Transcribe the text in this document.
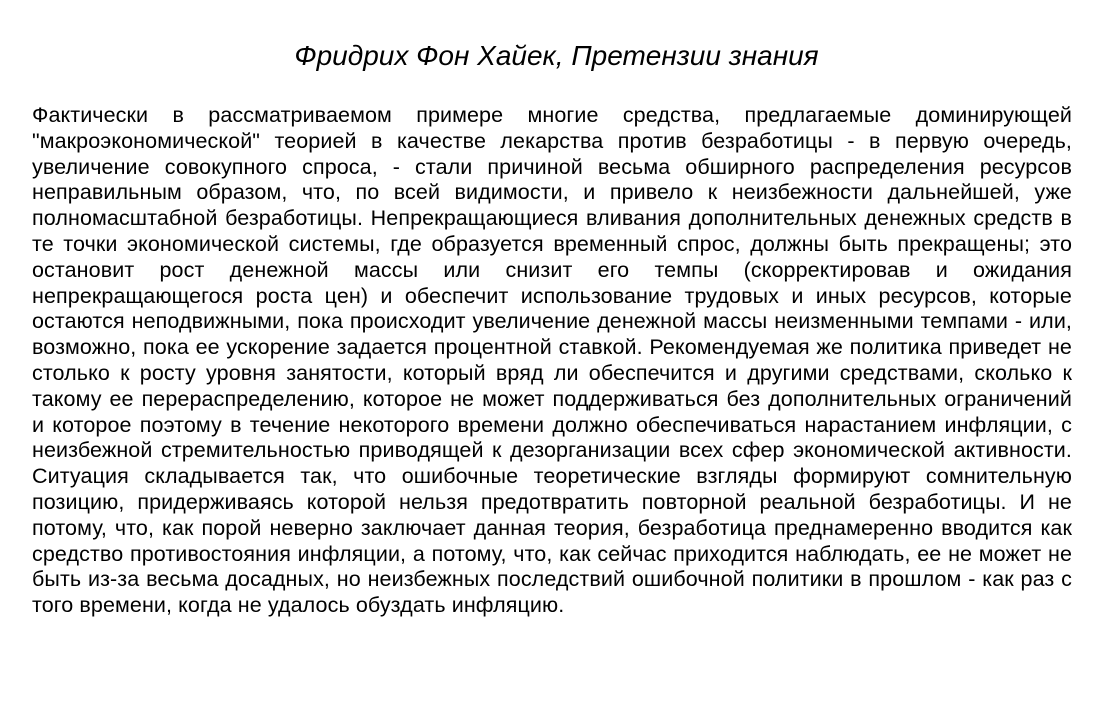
Фридрих Фон Хайек, Претензии знания

Фактически в рассматриваемом примере многие средства, предлагаемые доминирующей "макроэкономической" теорией в качестве лекарства против безработицы - в первую очередь, увеличение совокупного спроса, - стали причиной весьма обширного распределения ресурсов неправильным образом, что, по всей видимости, и привело к неизбежности дальнейшей, уже полномасштабной безработицы. Непрекращающиеся вливания дополнительных денежных средств в те точки экономической системы, где образуется временный спрос, должны быть прекращены; это остановит рост денежной массы или снизит его темпы (скорректировав и ожидания непрекращающегося роста цен) и обеспечит использование трудовых и иных ресурсов, которые остаются неподвижными, пока происходит увеличение денежной массы неизменными темпами - или, возможно, пока ее ускорение задается процентной ставкой. Рекомендуемая же политика приведет не столько к росту уровня занятости, который вряд ли обеспечится и другими средствами, сколько к такому ее перераспределению, которое не может поддерживаться без дополнительных ограничений и которое поэтому в течение некоторого времени должно обеспечиваться нарастанием инфляции, с неизбежной стремительностью приводящей к дезорганизации всех сфер экономической активности. Ситуация складывается так, что ошибочные теоретические взгляды формируют сомнительную позицию, придерживаясь которой нельзя предотвратить повторной реальной безработицы. И не потому, что, как порой неверно заключает данная теория, безработица преднамеренно вводится как средство противостояния инфляции, а потому, что, как сейчас приходится наблюдать, ее не может не быть из-за весьма досадных, но неизбежных последствий ошибочной политики в прошлом - как раз с того времени, когда не удалось обуздать инфляцию.
